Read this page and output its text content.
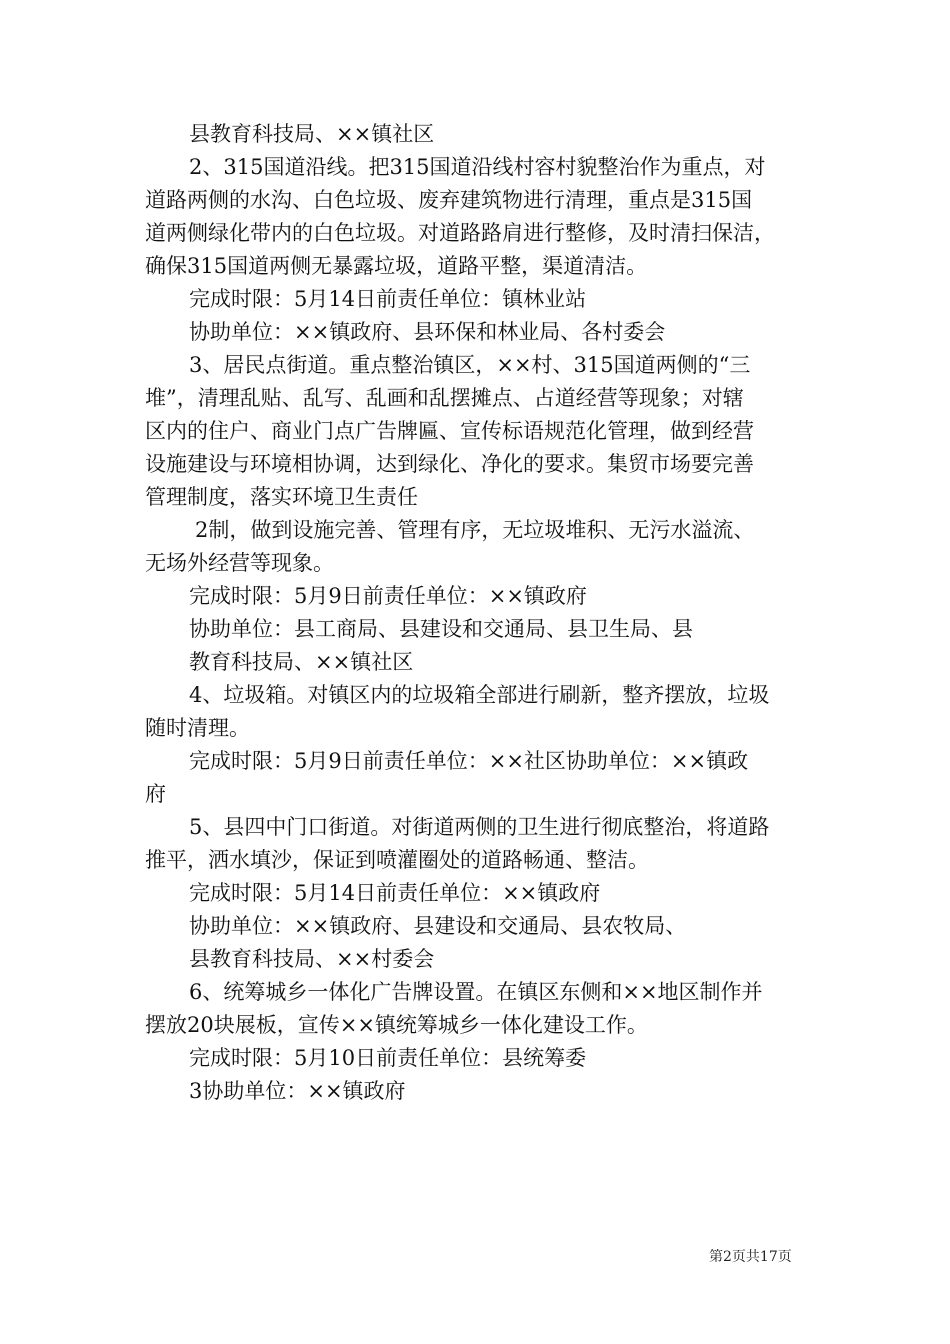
县教育科技局、××镇社区
2、315国道沿线。把315国道沿线村容村貌整治作为重点，对
道路两侧的水沟、白色垃圾、废弃建筑物进行清理，重点是315国
道两侧绿化带内的白色垃圾。对道路路肩进行整修，及时清扫保洁，
确保315国道两侧无暴露垃圾，道路平整，渠道清洁。
完成时限：5月14日前责任单位：镇林业站
协助单位：××镇政府、县环保和林业局、各村委会
3、居民点街道。重点整治镇区，××村、315国道两侧的“三
堆”，清理乱贴、乱写、乱画和乱摆摊点、占道经营等现象；对辖
区内的住户、商业门点广告牌匾、宣传标语规范化管理，做到经营
设施建设与环境相协调，达到绿化、净化的要求。集贸市场要完善
管理制度，落实环境卫生责任
2制，做到设施完善、管理有序，无垃圾堆积、无污水溢流、
无场外经营等现象。
完成时限：5月9日前责任单位：××镇政府
协助单位：县工商局、县建设和交通局、县卫生局、县
教育科技局、××镇社区
4、垃圾箱。对镇区内的垃圾箱全部进行刷新，整齐摆放，垃圾
随时清理。
完成时限：5月9日前责任单位：××社区协助单位：××镇政
府
5、县四中门口街道。对街道两侧的卫生进行彻底整治，将道路
推平，洒水填沙，保证到喷灌圈处的道路畅通、整洁。
完成时限：5月14日前责任单位：××镇政府
协助单位：××镇政府、县建设和交通局、县农牧局、
县教育科技局、××村委会
6、统筹城乡一体化广告牌设置。在镇区东侧和××地区制作并
摆放20块展板，宣传××镇统筹城乡一体化建设工作。
完成时限：5月10日前责任单位：县统筹委
3协助单位：××镇政府
第2页共17页
